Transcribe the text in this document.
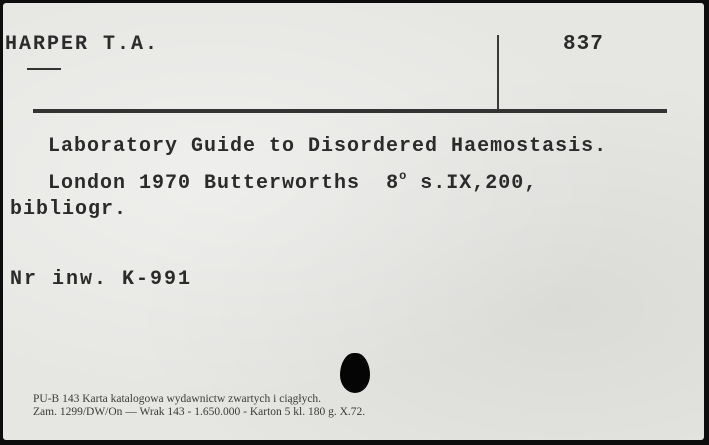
HARPER T.A.	837

Laboratory Guide to Disordered Haemostasis.

London 1970 Butterworths 8$^o$ s.IX,200,

bibliogr.

Nr inw. K-991

PU-B 143 Karta katalogowa wydawnictw zwartych i ciągłych.

Zam. 1299/DW/On — Wrak 143 - 1.650.000 - Karton 5 kl. 180 g. X.72.
